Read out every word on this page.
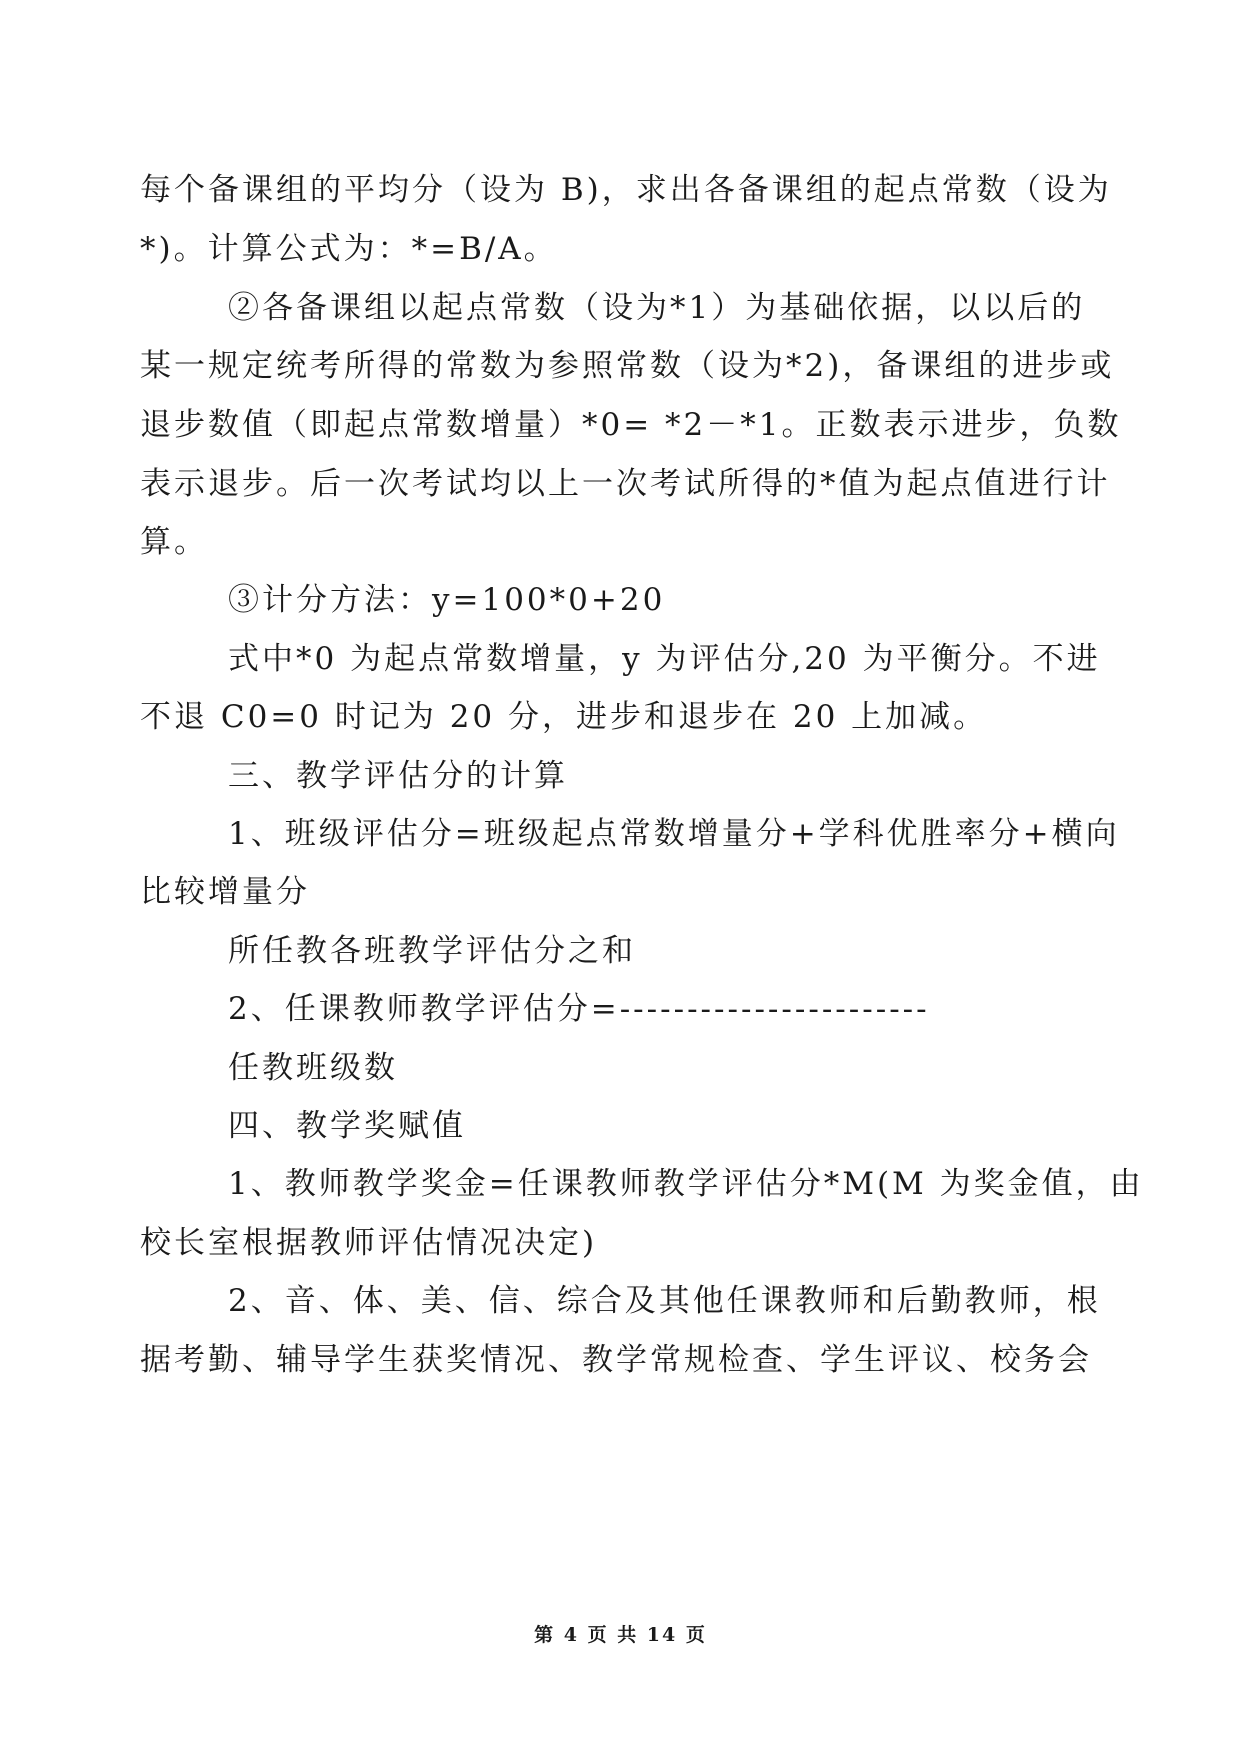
每个备课组的平均分（设为 B)，求出各备课组的起点常数（设为
*)。计算公式为：*=B/A。
②各备课组以起点常数（设为*1）为基础依据，以以后的
某一规定统考所得的常数为参照常数（设为*2)，备课组的进步或
退步数值（即起点常数增量）*0= *2－*1。正数表示进步，负数
表示退步。后一次考试均以上一次考试所得的*值为起点值进行计
算。
③计分方法：y=100*0+20
式中*0 为起点常数增量，y 为评估分,20 为平衡分。不进
不退 C0=0 时记为 20 分，进步和退步在 20 上加减。
三、教学评估分的计算
1、班级评估分=班级起点常数增量分+学科优胜率分+横向
比较增量分
所任教各班教学评估分之和
2、任课教师教学评估分=-----------------------
任教班级数
四、教学奖赋值
1、教师教学奖金=任课教师教学评估分*M(M 为奖金值，由
校长室根据教师评估情况决定)
2、音、体、美、信、综合及其他任课教师和后勤教师，根
据考勤、辅导学生获奖情况、教学常规检查、学生评议、校务会
第 4 页 共 14 页
